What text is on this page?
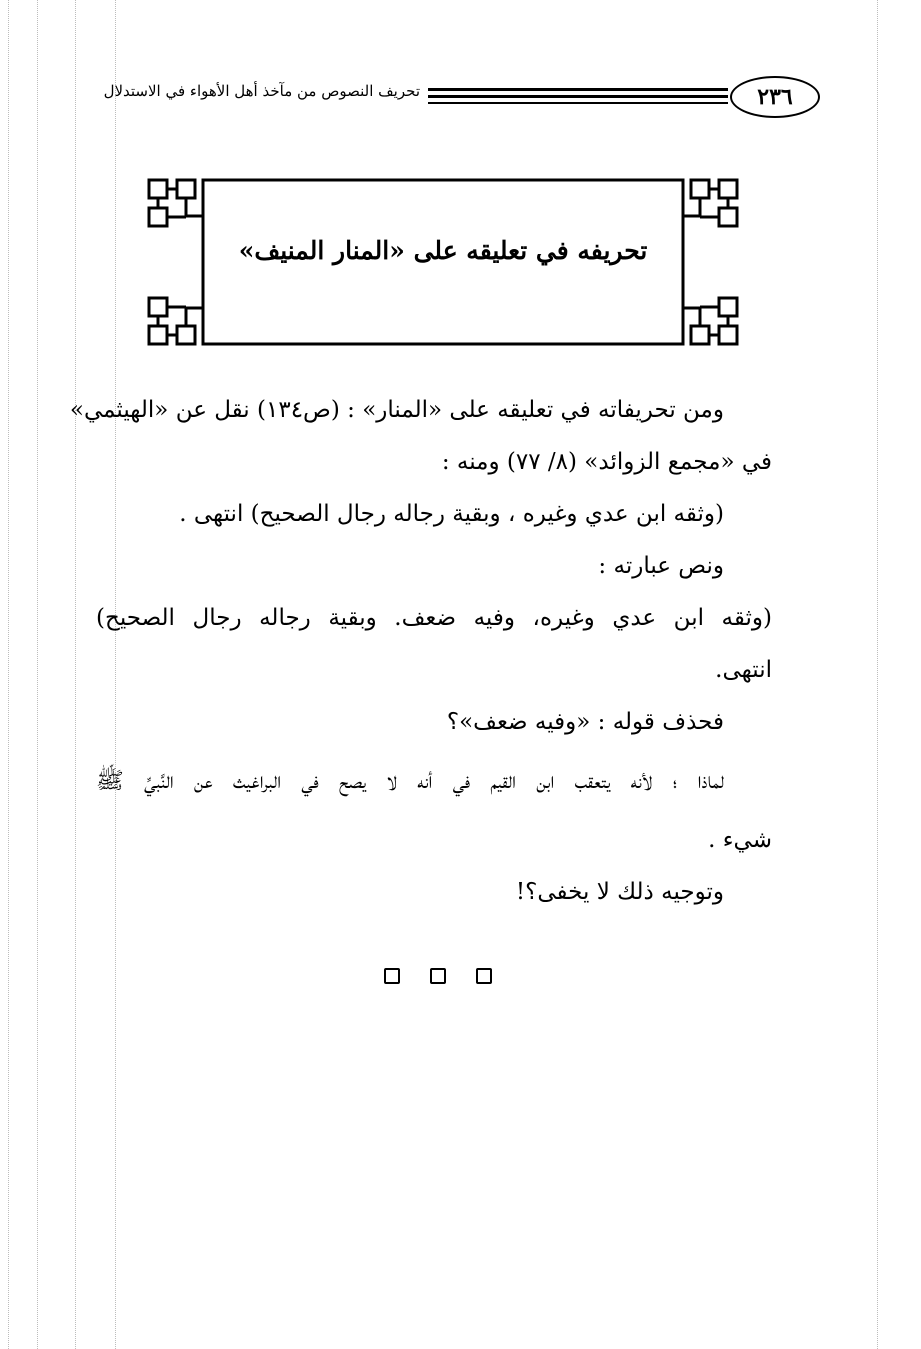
٢٣٦
تحريف النصوص من مآخذ أهل الأهواء في الاستدلال
تحريفه في تعليقه على «المنار المنيف»
ومن تحريفاته في تعليقه على «المنار» : (ص١٣٤) نقل عن «الهيثمي»
في «مجمع الزوائد» (٨/ ٧٧) ومنه :
(وثقه ابن عدي وغيره ، وبقية رجاله رجال الصحيح) انتهى .
ونص عبارته :
(وثقه ابن عدي وغيره، وفيه ضعف. وبقية رجاله رجال الصحيح)
انتهى.
فحذف قوله : «وفيه ضعف»؟
لماذا ؛ لأنه يتعقب ابن القيم في أنه لا يصح في البراغيث عن النَّبيِّ ﷺ
شيء .
وتوجيه ذلك لا يخفى؟!
